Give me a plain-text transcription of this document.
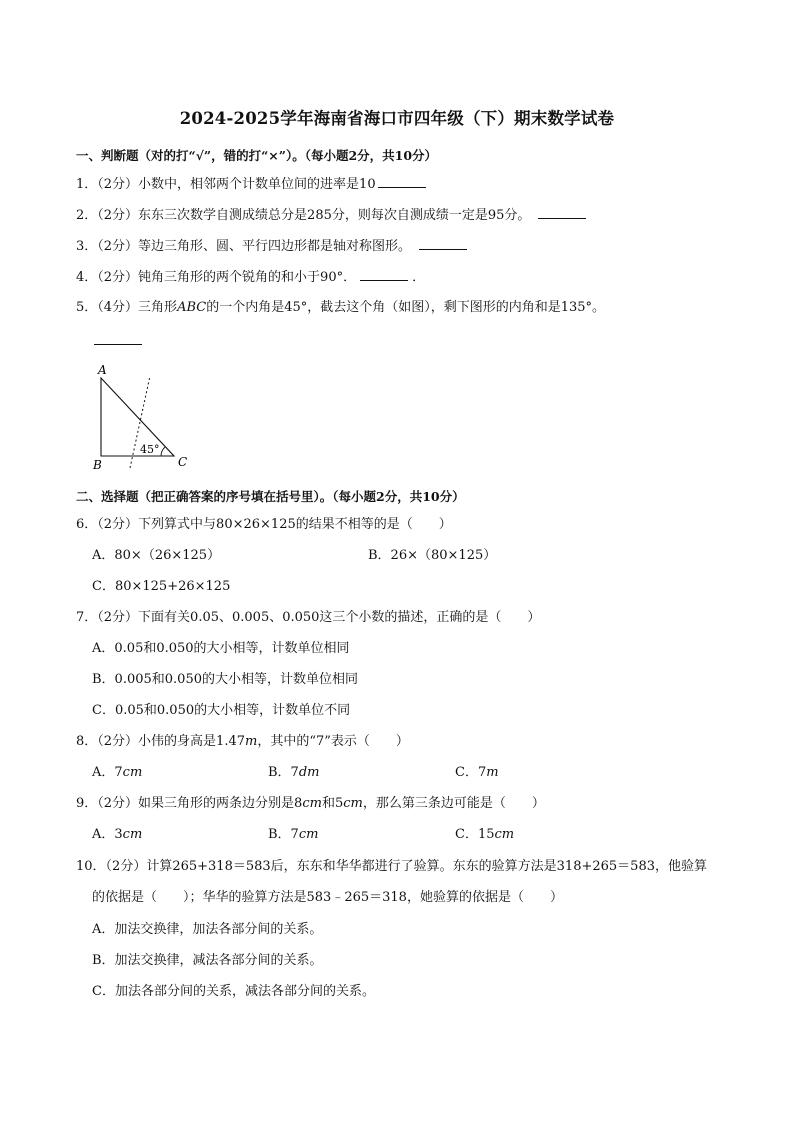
2024-2025学年海南省海口市四年级（下）期末数学试卷
一、判断题（对的打“√”，错的打“×”）。（每小题2分，共10分）
1．（2分）小数中，相邻两个计数单位间的进率是10
2．（2分）东东三次数学自测成绩总分是285分，则每次自测成绩一定是95分。
3．（2分）等边三角形、圆、平行四边形都是轴对称图形。
4．（2分）钝角三角形的两个锐角的和小于90°．	．
5．（4分）三角形ABC的一个内角是45°，截去这个角（如图），剩下图形的内角和是135°。
A
B	C
45°
二、选择题（把正确答案的序号填在括号里）。（每小题2分，共10分）
6．（2分）下列算式中与80×26×125的结果不相等的是（　　）
A．80×（26×125）	B．26×（80×125）
C．80×125+26×125
7．（2分）下面有关0.05、0.005、0.050这三个小数的描述，正确的是（　　）
A．0.05和0.050的大小相等，计数单位相同
B．0.005和0.050的大小相等，计数单位相同
C．0.05和0.050的大小相等，计数单位不同
8．（2分）小伟的身高是1.47m，其中的“7”表示（　　）
A．7cm	B．7dm	C．7m
9．（2分）如果三角形的两条边分别是8cm和5cm，那么第三条边可能是（　　）
A．3cm	B．7cm	C．15cm
10．（2分）计算265+318＝583后，东东和华华都进行了验算。东东的验算方法是318+265＝583，他验算
的依据是（　　）；华华的验算方法是583﹣265＝318，她验算的依据是（　　）
A．加法交换律，加法各部分间的关系。
B．加法交换律，减法各部分间的关系。
C．加法各部分间的关系，减法各部分间的关系。
